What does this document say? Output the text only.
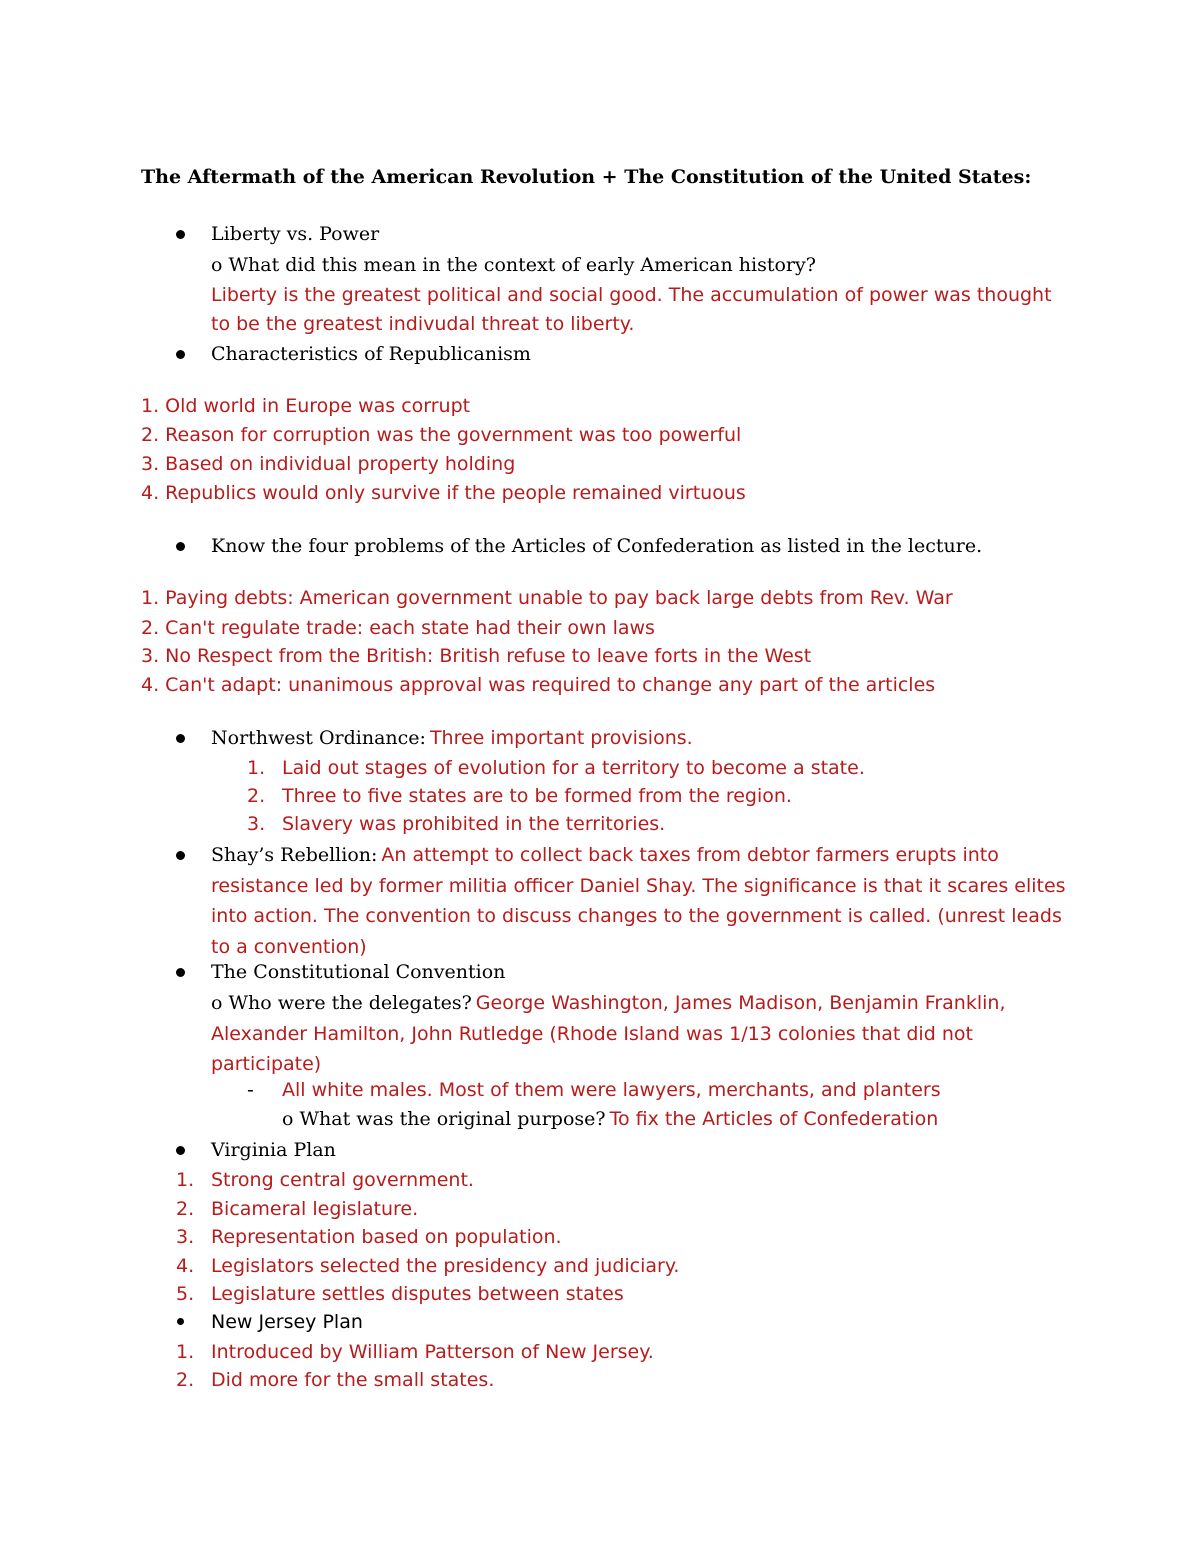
The Aftermath of the American Revolution + The Constitution of the United States:

Liberty vs. Power

o What did this mean in the context of early American history? To most Americans,

Liberty is the greatest political and social good. The accumulation of power was thought to be the greatest indivudal threat to liberty.

Characteristics of Republicanism

1. Old world in Europe was corrupt

2. Reason for corruption was the government was too powerful

3. Based on individual property holding

4. Republics would only survive if the people remained virtuous

Know the four problems of the Articles of Confederation as listed in the lecture.

1. Paying debts: American government unable to pay back large debts from Rev. War

2. Can't regulate trade: each state had their own laws

3. No Respect from the British: British refuse to leave forts in the West

4. Can't adapt: unanimous approval was required to change any part of the articles

Northwest Ordinance: Three important provisions.

1. Laid out stages of evolution for a territory to become a state.

2. Three to five states are to be formed from the region.

3. Slavery was prohibited in the territories.

Shay’s Rebellion: An attempt to collect back taxes from debtor farmers erupts into resistance led by former militia officer Daniel Shay. The significance is that it scares elites into action. The convention to discuss changes to the government is called. (unrest leads to a convention)

The Constitutional Convention

o Who were the delegates? George Washington, James Madison, Benjamin Franklin, Alexander Hamilton, John Rutledge (Rhode Island was 1/13 colonies that did not participate)

- All white males. Most of them were lawyers, merchants, and planters

o What was the original purpose? To fix the Articles of Confederation

Virginia Plan

1. Strong central government.

2. Bicameral legislature.

3. Representation based on population.

4. Legislators selected the presidency and judiciary.

5. Legislature settles disputes between states

New Jersey Plan

1. Introduced by William Patterson of New Jersey.

2. Did more for the small states.
